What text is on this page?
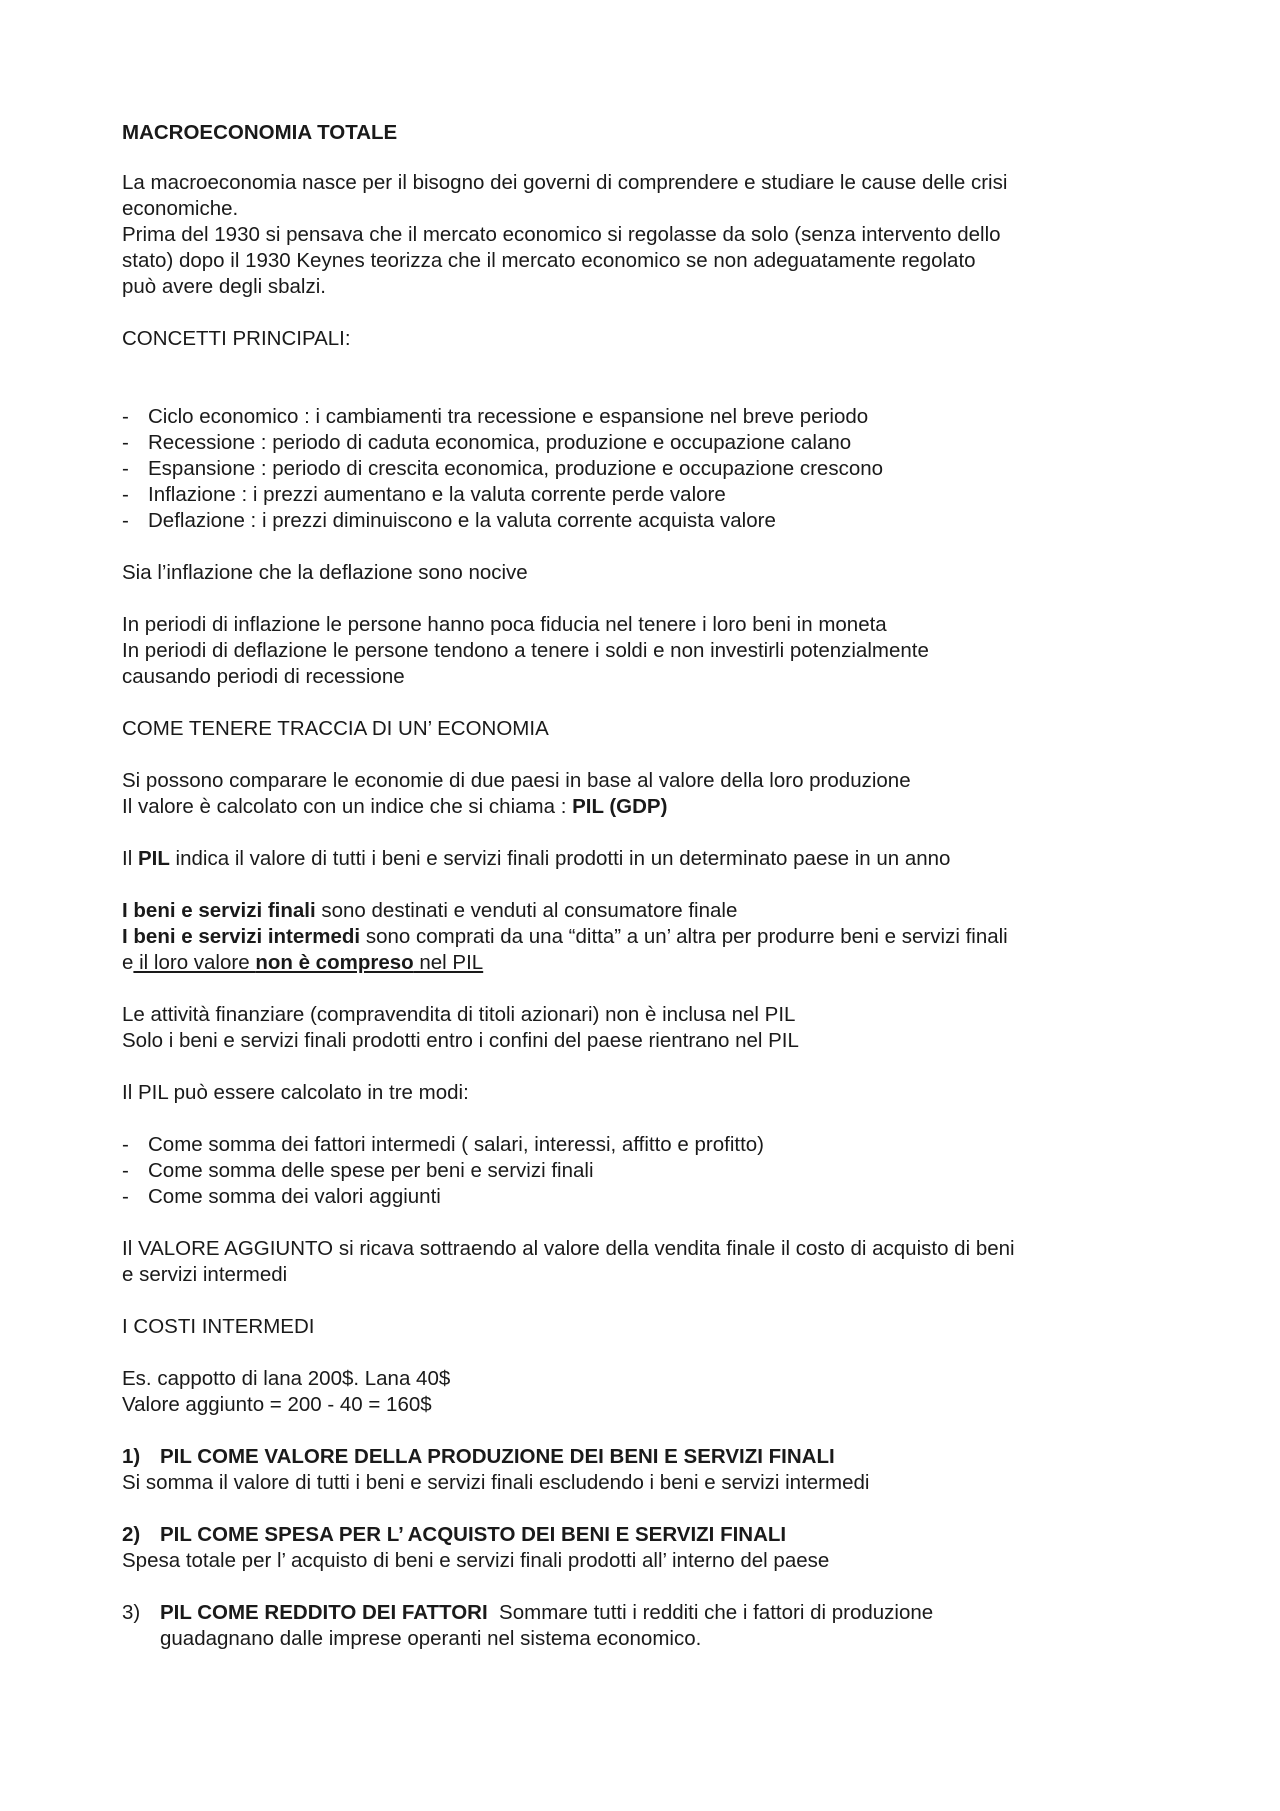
MACROECONOMIA TOTALE

La macroeconomia nasce per il bisogno dei governi di comprendere e studiare le cause delle crisi
economiche.
Prima del 1930 si pensava che il mercato economico si regolasse da solo (senza intervento dello
stato) dopo il 1930 Keynes teorizza che il mercato economico se non adeguatamente regolato
può avere degli sbalzi.

CONCETTI PRINCIPALI:
- Ciclo economico : i cambiamenti tra recessione e espansione nel breve periodo
- Recessione : periodo di caduta economica, produzione e occupazione calano
- Espansione : periodo di crescita economica, produzione e occupazione crescono
- Inflazione : i prezzi aumentano e la valuta corrente perde valore
- Deflazione : i prezzi diminuiscono e la valuta corrente acquista valore

Sia l’inflazione che la deflazione sono nocive

In periodi di inflazione le persone hanno poca fiducia nel tenere i loro beni in moneta
In periodi di deflazione le persone tendono a tenere i soldi e non investirli potenzialmente
causando periodi di recessione

COME TENERE TRACCIA DI UN’ ECONOMIA

Si possono comparare le economie di due paesi in base al valore della loro produzione
Il valore è calcolato con un indice che si chiama : PIL (GDP)

Il PIL indica il valore di tutti i beni e servizi finali prodotti in un determinato paese in un anno

I beni e servizi finali sono destinati e venduti al consumatore finale
I beni e servizi intermedi sono comprati da una “ditta” a un’ altra per produrre beni e servizi finali
e il loro valore non è compreso nel PIL

Le attività finanziare (compravendita di titoli azionari) non è inclusa nel PIL
Solo i beni e servizi finali prodotti entro i confini del paese rientrano nel PIL

Il PIL può essere calcolato in tre modi:

- Come somma dei fattori intermedi ( salari, interessi, affitto e profitto)
- Come somma delle spese per beni e servizi finali
- Come somma dei valori aggiunti

Il VALORE AGGIUNTO si ricava sottraendo al valore della vendita finale il costo di acquisto di beni
e servizi intermedi

I COSTI INTERMEDI

Es. cappotto di lana 200$. Lana 40$
Valore aggiunto = 200 - 40 = 160$

1) PIL COME VALORE DELLA PRODUZIONE DEI BENI E SERVIZI FINALI
Si somma il valore di tutti i beni e servizi finali escludendo i beni e servizi intermedi

2) PIL COME SPESA PER L’ ACQUISTO DEI BENI E SERVIZI FINALI
Spesa totale per l’ acquisto di beni e servizi finali prodotti all’ interno del paese

3) PIL COME REDDITO DEI FATTORI  Sommare tutti i redditi che i fattori di produzione
guadagnano dalle imprese operanti nel sistema economico.
